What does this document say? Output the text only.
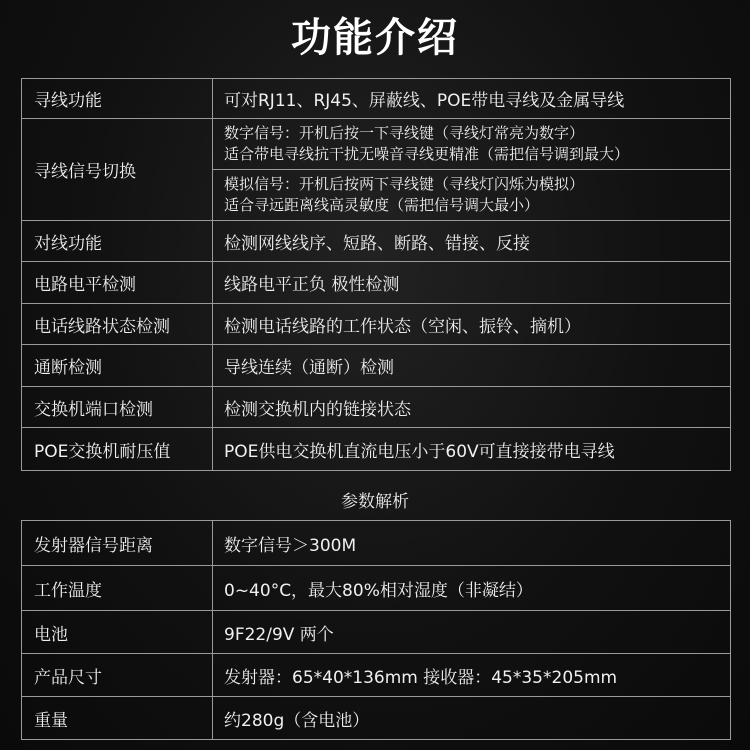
功能介绍
寻线功能	可对RJ11、RJ45、屏蔽线、POE带电寻线及金属导线
寻线信号切换	数字信号：开机后按一下寻线键（寻线灯常亮为数字）
适合带电寻线抗干扰无噪音寻线更精准（需把信号调到最大）

	模拟信号：开机后按两下寻线键（寻线灯闪烁为模拟）
适合寻远距离线高灵敏度（需把信号调大最小）

对线功能	检测网线线序、短路、断路、错接、反接
电路电平检测	线路电平正负 极性检测
电话线路状态检测	检测电话线路的工作状态（空闲、振铃、摘机）
通断检测	导线连续（通断）检测
交换机端口检测	检测交换机内的链接状态
POE交换机耐压值	POE供电交换机直流电压小于60V可直接接带电寻线
参数解析
发射器信号距离	数字信号＞300M
工作温度	0~40°C，最大80%相对湿度（非凝结）
电池	9F22/9V 两个
产品尺寸	发射器：65*40*136mm 接收器：45*35*205mm
重量	约280g（含电池）
